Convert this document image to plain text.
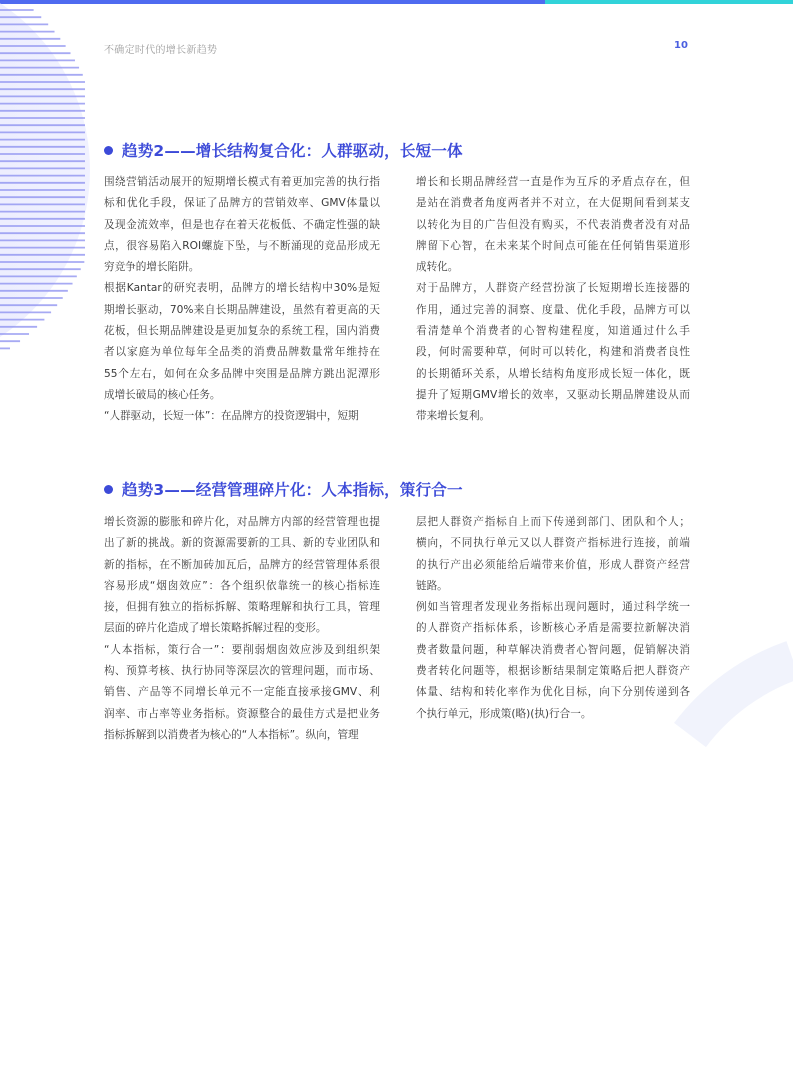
不确定时代的增长新趋势	10
趋势2——增长结构复合化：人群驱动，长短一体
围绕营销活动展开的短期增长模式有着更加完善的执行指
标和优化手段，保证了品牌方的营销效率、GMV体量以
及现金流效率，但是也存在着天花板低、不确定性强的缺
点，很容易陷入ROI螺旋下坠，与不断涌现的竞品形成无
穷竞争的增长陷阱。
根据Kantar的研究表明，品牌方的增长结构中30%是短
期增长驱动，70%来自长期品牌建设，虽然有着更高的天
花板，但长期品牌建设是更加复杂的系统工程，国内消费
者以家庭为单位每年全品类的消费品牌数量常年维持在
55个左右，如何在众多品牌中突围是品牌方跳出泥潭形
成增长破局的核心任务。
“人群驱动，长短一体”：在品牌方的投资逻辑中，短期
增长和长期品牌经营一直是作为互斥的矛盾点存在，但
是站在消费者角度两者并不对立，在大促期间看到某支
以转化为目的广告但没有购买，不代表消费者没有对品
牌留下心智，在未来某个时间点可能在任何销售渠道形
成转化。
对于品牌方，人群资产经营扮演了长短期增长连接器的
作用，通过完善的洞察、度量、优化手段，品牌方可以
看清楚单个消费者的心智构建程度，知道通过什么手
段，何时需要种草，何时可以转化，构建和消费者良性
的长期循环关系，从增长结构角度形成长短一体化，既
提升了短期GMV增长的效率，又驱动长期品牌建设从而
带来增长复利。
趋势3——经营管理碎片化：人本指标，策行合一
增长资源的膨胀和碎片化，对品牌方内部的经营管理也提
出了新的挑战。新的资源需要新的工具、新的专业团队和
新的指标，在不断加砖加瓦后，品牌方的经营管理体系很
容易形成“烟囱效应”：各个组织依靠统一的核心指标连
接，但拥有独立的指标拆解、策略理解和执行工具，管理
层面的碎片化造成了增长策略拆解过程的变形。
“人本指标，策行合一”：要削弱烟囱效应涉及到组织架
构、预算考核、执行协同等深层次的管理问题，而市场、
销售、产品等不同增长单元不一定能直接承接GMV、利
润率、市占率等业务指标。资源整合的最佳方式是把业务
指标拆解到以消费者为核心的“人本指标”。纵向，管理
层把人群资产指标自上而下传递到部门、团队和个人；
横向，不同执行单元又以人群资产指标进行连接，前端
的执行产出必须能给后端带来价值，形成人群资产经营
链路。
例如当管理者发现业务指标出现问题时，通过科学统一
的人群资产指标体系，诊断核心矛盾是需要拉新解决消
费者数量问题，种草解决消费者心智问题，促销解决消
费者转化问题等，根据诊断结果制定策略后把人群资产
体量、结构和转化率作为优化目标，向下分别传递到各
个执行单元，形成策(略)(执)行合一。
